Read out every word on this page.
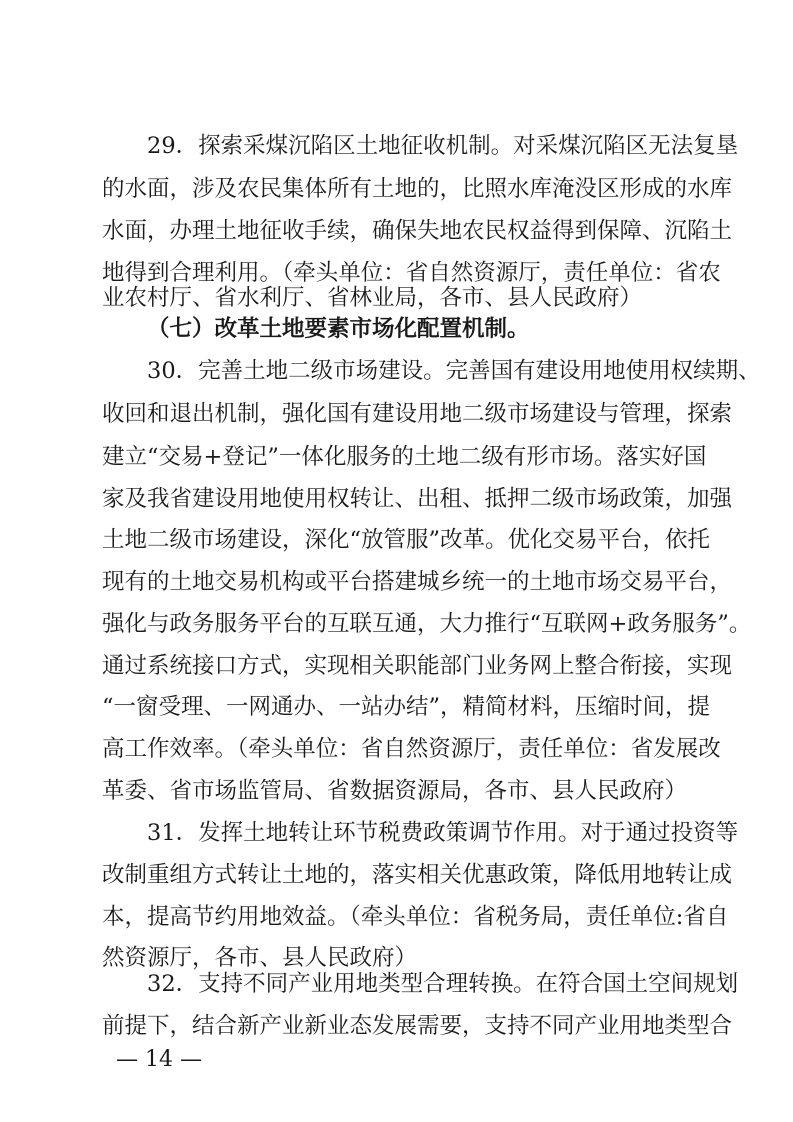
29．探索采煤沉陷区土地征收机制。对采煤沉陷区无法复垦
的水面，涉及农民集体所有土地的，比照水库淹没区形成的水库
水面，办理土地征收手续，确保失地农民权益得到保障、沉陷土
地得到合理利用。（牵头单位：省自然资源厅，责任单位：省农
业农村厅、省水利厅、省林业局，各市、县人民政府）
（七）改革土地要素市场化配置机制。
30．完善土地二级市场建设。完善国有建设用地使用权续期、
收回和退出机制，强化国有建设用地二级市场建设与管理，探索
建立“交易+登记”一体化服务的土地二级有形市场。落实好国
家及我省建设用地使用权转让、出租、抵押二级市场政策，加强
土地二级市场建设，深化“放管服”改革。优化交易平台，依托
现有的土地交易机构或平台搭建城乡统一的土地市场交易平台，
强化与政务服务平台的互联互通，大力推行“互联网+政务服务”。
通过系统接口方式，实现相关职能部门业务网上整合衔接，实现
“一窗受理、一网通办、一站办结”，精简材料，压缩时间，提
高工作效率。（牵头单位：省自然资源厅，责任单位：省发展改
革委、省市场监管局、省数据资源局，各市、县人民政府）
31．发挥土地转让环节税费政策调节作用。对于通过投资等
改制重组方式转让土地的，落实相关优惠政策，降低用地转让成
本，提高节约用地效益。（牵头单位：省税务局，责任单位:省自
然资源厅，各市、县人民政府）
32．支持不同产业用地类型合理转换。在符合国土空间规划
前提下，结合新产业新业态发展需要，支持不同产业用地类型合
— 14 —
